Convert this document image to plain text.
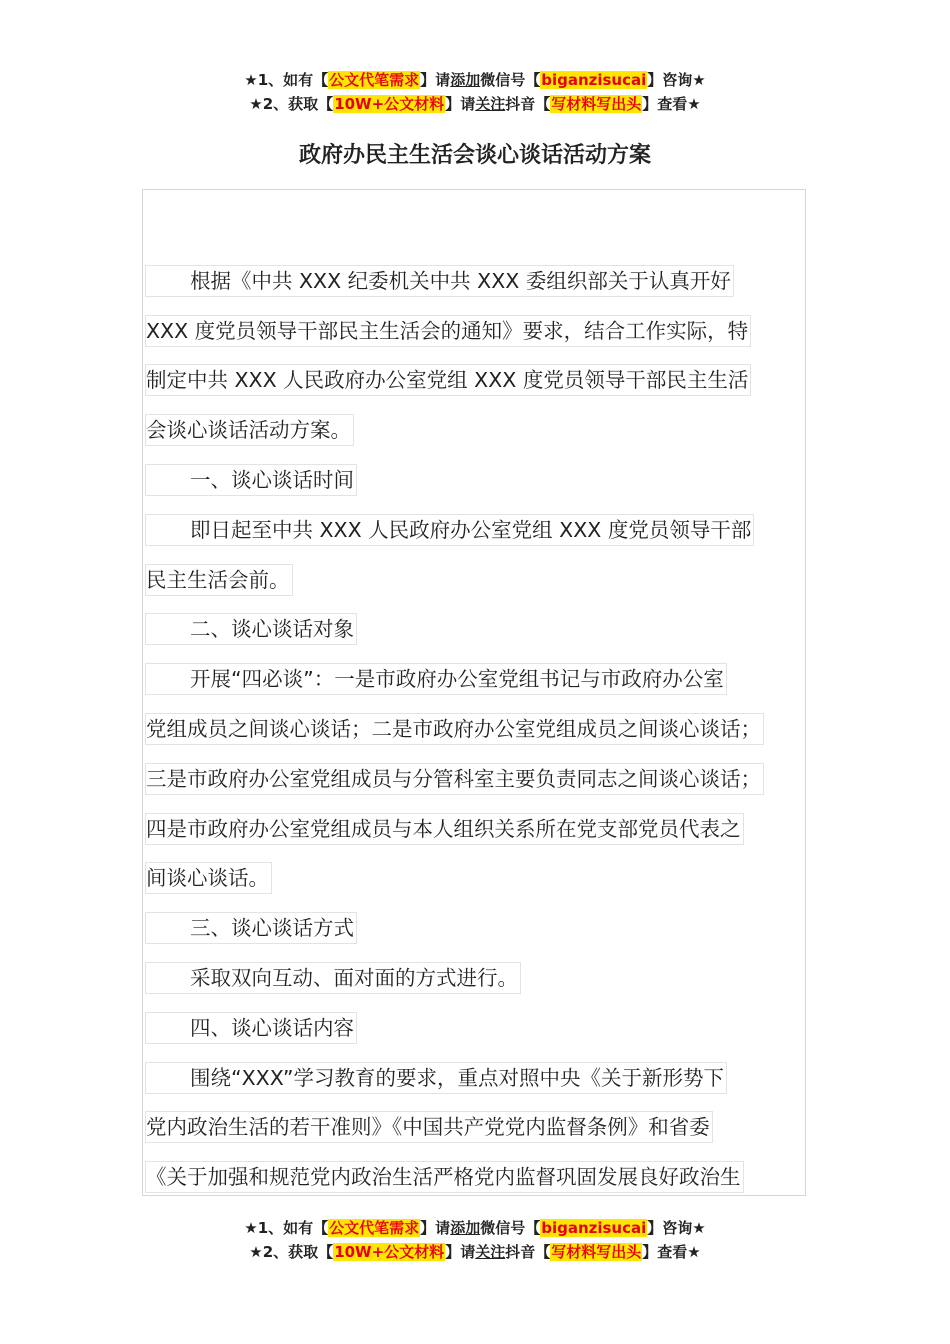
★1、如有【公文代笔需求】请添加微信号【biganzisucai】咨询★
★2、获取【10W+公文材料】请关注抖音【写材料写出头】查看★
政府办民主生活会谈心谈话活动方案
根据《中共 XXX 纪委机关中共 XXX 委组织部关于认真开好
XXX 度党员领导干部民主生活会的通知》要求，结合工作实际，特
制定中共 XXX 人民政府办公室党组 XXX 度党员领导干部民主生活
会谈心谈话活动方案。
一、谈心谈话时间
即日起至中共 XXX 人民政府办公室党组 XXX 度党员领导干部
民主生活会前。
二、谈心谈话对象
开展“四必谈”：一是市政府办公室党组书记与市政府办公室
党组成员之间谈心谈话；二是市政府办公室党组成员之间谈心谈话；
三是市政府办公室党组成员与分管科室主要负责同志之间谈心谈话；
四是市政府办公室党组成员与本人组织关系所在党支部党员代表之
间谈心谈话。
三、谈心谈话方式
采取双向互动、面对面的方式进行。
四、谈心谈话内容
围绕“XXX”学习教育的要求，重点对照中央《关于新形势下
党内政治生活的若干准则》《中国共产党党内监督条例》和省委
《关于加强和规范党内政治生活严格党内监督巩固发展良好政治生
★1、如有【公文代笔需求】请添加微信号【biganzisucai】咨询★
★2、获取【10W+公文材料】请关注抖音【写材料写出头】查看★
